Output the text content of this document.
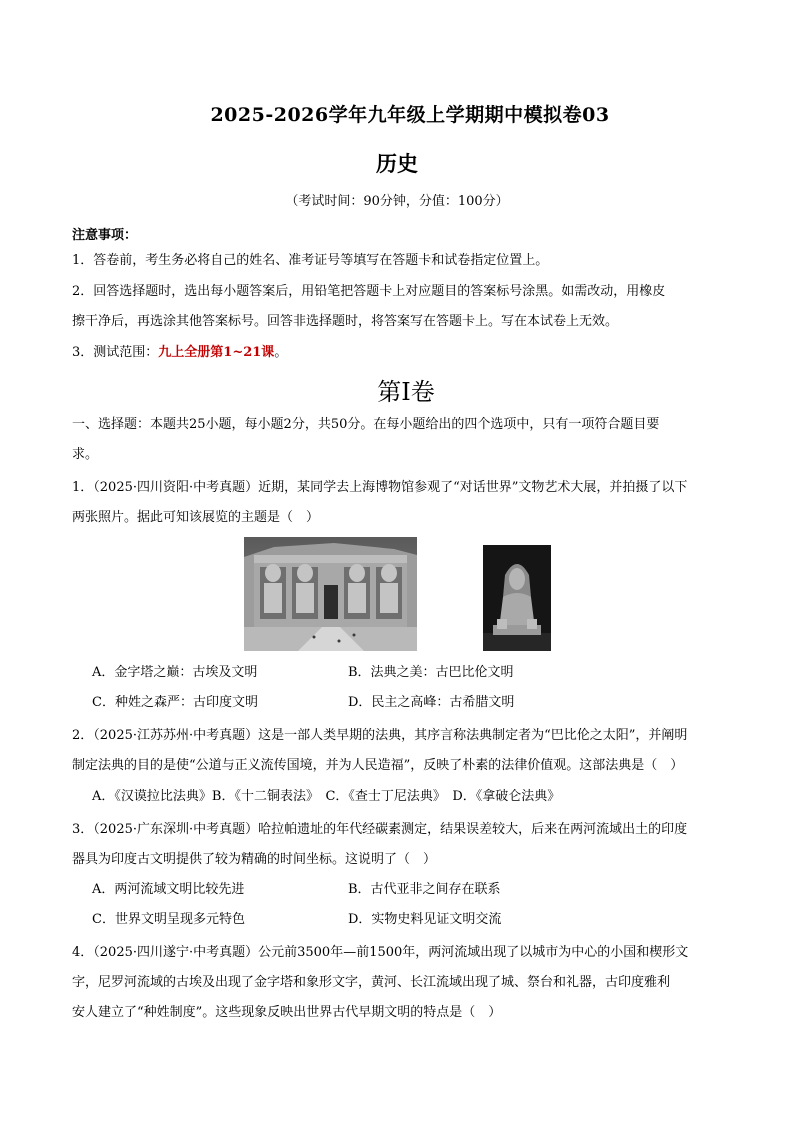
2025-2026学年九年级上学期期中模拟卷03
历史
（考试时间：90分钟，分值：100分）
注意事项：
1．答卷前，考生务必将自己的姓名、准考证号等填写在答题卡和试卷指定位置上。
2．回答选择题时，选出每小题答案后，用铅笔把答题卡上对应题目的答案标号涂黑。如需改动，用橡皮
擦干净后，再选涂其他答案标号。回答非选择题时，将答案写在答题卡上。写在本试卷上无效。
3．测试范围：九上全册第1~21课。
第Ⅰ卷
一、选择题：本题共25小题，每小题2分，共50分。在每小题给出的四个选项中，只有一项符合题目要
求。
1．（2025·四川资阳·中考真题）近期，某同学去上海博物馆参观了“对话世界”文物艺术大展，并拍摄了以下
两张照片。据此可知该展览的主题是（　）
A．金字塔之巅：古埃及文明	B．法典之美：古巴比伦文明
C．种姓之森严：古印度文明	D．民主之高峰：古希腊文明
2．（2025·江苏苏州·中考真题）这是一部人类早期的法典，其序言称法典制定者为“巴比伦之太阳”，并阐明
制定法典的目的是使“公道与正义流传国境，并为人民造福”，反映了朴素的法律价值观。这部法典是（　）
A．《汉谟拉比法典》B．《十二铜表法》　C．《查士丁尼法典》　D．《拿破仑法典》
3．（2025·广东深圳·中考真题）哈拉帕遗址的年代经碳素测定，结果误差较大，后来在两河流域出土的印度
器具为印度古文明提供了较为精确的时间坐标。这说明了（　）
A．两河流域文明比较先进	B．古代亚非之间存在联系
C．世界文明呈现多元特色	D．实物史料见证文明交流
4．（2025·四川遂宁·中考真题）公元前3500年—前1500年，两河流域出现了以城市为中心的小国和楔形文
字，尼罗河流域的古埃及出现了金字塔和象形文字，黄河、长江流域出现了城、祭台和礼器，古印度雅利
安人建立了“种姓制度”。这些现象反映出世界古代早期文明的特点是（　）
